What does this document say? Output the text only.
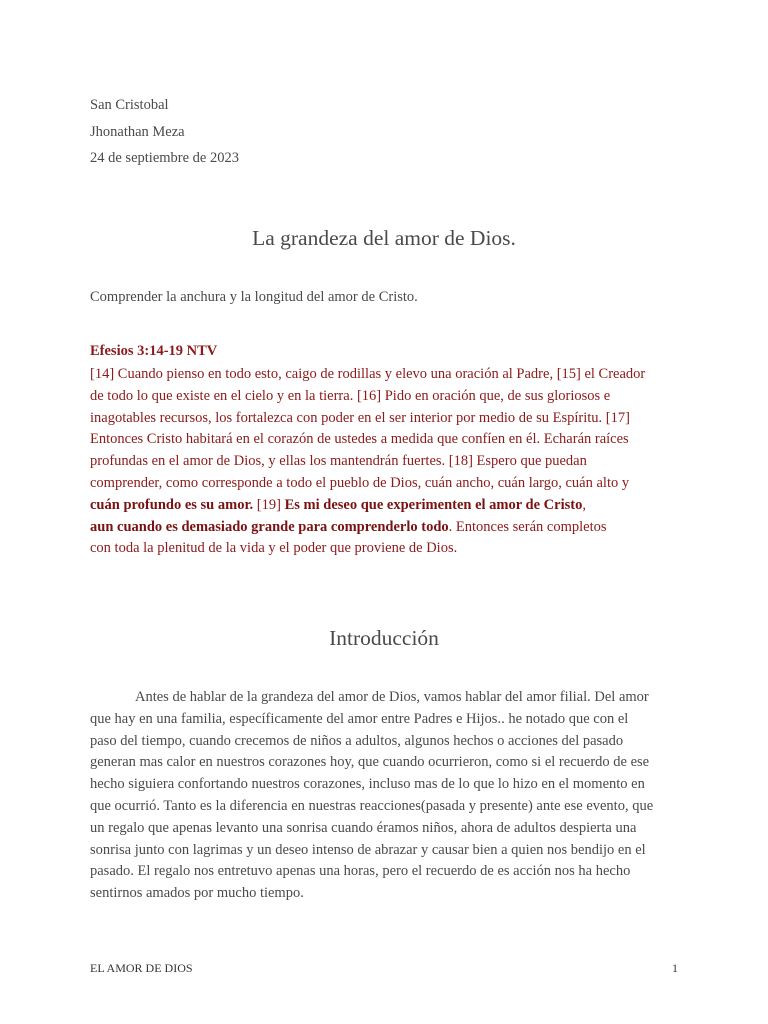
San Cristobal
Jhonathan Meza
24 de septiembre de 2023
La grandeza del amor de Dios.
Comprender la anchura y la longitud del amor de Cristo.
Efesios 3:14-19 NTV
[14] Cuando pienso en todo esto, caigo de rodillas y elevo una oración al Padre, [15] el Creador
de todo lo que existe en el cielo y en la tierra. [16] Pido en oración que, de sus gloriosos e
inagotables recursos, los fortalezca con poder en el ser interior por medio de su Espíritu. [17]
Entonces Cristo habitará en el corazón de ustedes a medida que confíen en él. Echarán raíces
profundas en el amor de Dios, y ellas los mantendrán fuertes. [18] Espero que puedan
comprender, como corresponde a todo el pueblo de Dios, cuán ancho, cuán largo, cuán alto y
cuán profundo es su amor. [19] Es mi deseo que experimenten el amor de Cristo,
aun cuando es demasiado grande para comprenderlo todo. Entonces serán completos
con toda la plenitud de la vida y el poder que proviene de Dios.
Introducción
Antes de hablar de la grandeza del amor de Dios, vamos hablar del amor filial. Del amor
que hay en una familia, específicamente del amor entre Padres e Hijos.. he notado que con el
paso del tiempo, cuando crecemos de niños a adultos, algunos hechos o acciones del pasado
generan mas calor en nuestros corazones hoy, que cuando ocurrieron, como si el recuerdo de ese
hecho siguiera confortando nuestros corazones, incluso mas de lo que lo hizo en el momento en
que ocurrió. Tanto es la diferencia en nuestras reacciones(pasada y presente) ante ese evento, que
un regalo que apenas levanto una sonrisa cuando éramos niños, ahora de adultos despierta una
sonrisa junto con lagrimas y un deseo intenso de abrazar y causar bien a quien nos bendijo en el
pasado. El regalo nos entretuvo apenas una horas, pero el recuerdo de es acción nos ha hecho
sentirnos amados por mucho tiempo.
EL AMOR DE DIOS	1
